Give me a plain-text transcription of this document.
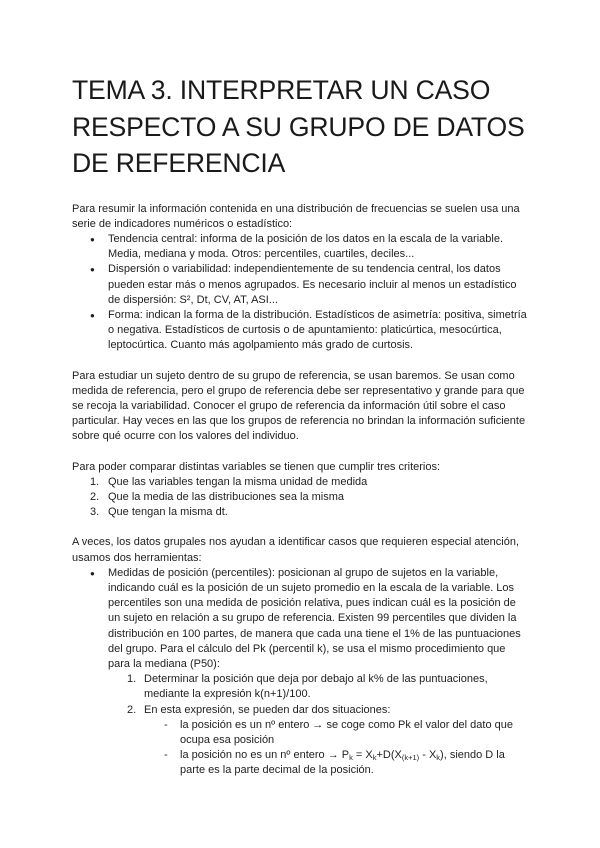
TEMA 3. INTERPRETAR UN CASO RESPECTO A SU GRUPO DE DATOS DE REFERENCIA

Para resumir la información contenida en una distribución de frecuencias se suelen usa una serie de indicadores numéricos o estadístico:

● Tendencia central: informa de la posición de los datos en la escala de la variable. Media, mediana y moda. Otros: percentiles, cuartiles, deciles...
● Dispersión o variabilidad: independientemente de su tendencia central, los datos pueden estar más o menos agrupados. Es necesario incluir al menos un estadístico de dispersión: S², Dt, CV, AT, ASI...
● Forma: indican la forma de la distribución. Estadísticos de asimetría: positiva, simetría o negativa. Estadísticos de curtosis o de apuntamiento: platicúrtica, mesocúrtica, leptocúrtica. Cuanto más agolpamiento más grado de curtosis.

Para estudiar un sujeto dentro de su grupo de referencia, se usan baremos. Se usan como medida de referencia, pero el grupo de referencia debe ser representativo y grande para que se recoja la variabilidad. Conocer el grupo de referencia da información útil sobre el caso particular. Hay veces en las que los grupos de referencia no brindan la información suficiente sobre qué ocurre con los valores del individuo.

Para poder comparar distintas variables se tienen que cumplir tres criterios:

1. Que las variables tengan la misma unidad de medida
2. Que la media de las distribuciones sea la misma
3. Que tengan la misma dt.

A veces, los datos grupales nos ayudan a identificar casos que requieren especial atención, usamos dos herramientas:

● Medidas de posición (percentiles): posicionan al grupo de sujetos en la variable, indicando cuál es la posición de un sujeto promedio en la escala de la variable. Los percentiles son una medida de posición relativa, pues indican cuál es la posición de un sujeto en relación a su grupo de referencia. Existen 99 percentiles que dividen la distribución en 100 partes, de manera que cada una tiene el 1% de las puntuaciones del grupo. Para el cálculo del Pk (percentil k), se usa el mismo procedimiento que para la mediana (P50):
1. Determinar la posición que deja por debajo al k% de las puntuaciones, mediante la expresión k(n+1)/100.
2. En esta expresión, se pueden dar dos situaciones:
- la posición es un nº entero → se coge como Pk el valor del dato que ocupa esa posición
- la posición no es un nº entero → $P_k = X_k+D(X_{(k+1)} - X_k)$, siendo D la parte es la parte decimal de la posición.
